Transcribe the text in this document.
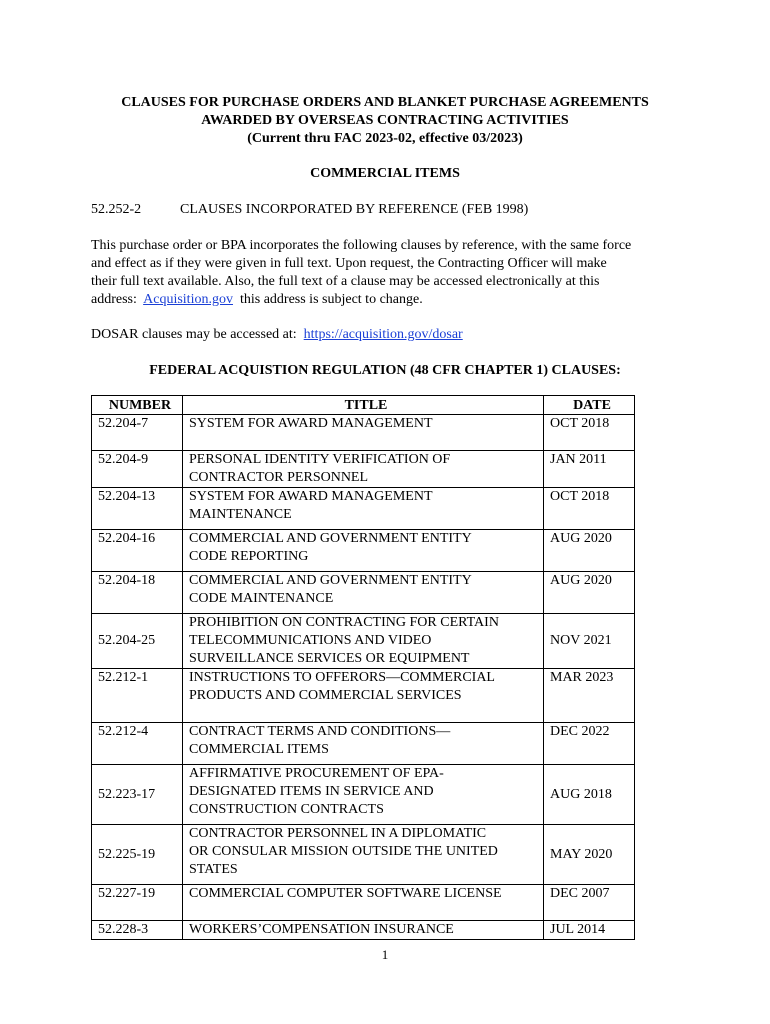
CLAUSES FOR PURCHASE ORDERS AND BLANKET PURCHASE AGREEMENTS
AWARDED BY OVERSEAS CONTRACTING ACTIVITIES
(Current thru FAC 2023-02, effective 03/2023)
COMMERCIAL ITEMS
52.252-2	CLAUSES INCORPORATED BY REFERENCE (FEB 1998)
This purchase order or BPA incorporates the following clauses by reference, with the same force
and effect as if they were given in full text. Upon request, the Contracting Officer will make
their full text available. Also, the full text of a clause may be accessed electronically at this
address: Acquisition.gov this address is subject to change.
DOSAR clauses may be accessed at: https://acquisition.gov/dosar
FEDERAL ACQUISTION REGULATION (48 CFR CHAPTER 1) CLAUSES:
NUMBER	TITLE	DATE
52.204-7	SYSTEM FOR AWARD MANAGEMENT	OCT 2018
52.204-9	PERSONAL IDENTITY VERIFICATION OF
CONTRACTOR PERSONNEL	JAN 2011
52.204-13	SYSTEM FOR AWARD MANAGEMENT
MAINTENANCE	OCT 2018
52.204-16	COMMERCIAL AND GOVERNMENT ENTITY
CODE REPORTING	AUG 2020
52.204-18	COMMERCIAL AND GOVERNMENT ENTITY
CODE MAINTENANCE	AUG 2020
52.204-25	PROHIBITION ON CONTRACTING FOR CERTAIN
TELECOMMUNICATIONS AND VIDEO
SURVEILLANCE SERVICES OR EQUIPMENT	NOV 2021
52.212-1	INSTRUCTIONS TO OFFERORS—COMMERCIAL
PRODUCTS AND COMMERCIAL SERVICES	MAR 2023
52.212-4	CONTRACT TERMS AND CONDITIONS—
COMMERCIAL ITEMS	DEC 2022
52.223-17	AFFIRMATIVE PROCUREMENT OF EPA-
DESIGNATED ITEMS IN SERVICE AND
CONSTRUCTION CONTRACTS	AUG 2018
52.225-19	CONTRACTOR PERSONNEL IN A DIPLOMATIC
OR CONSULAR MISSION OUTSIDE THE UNITED
STATES	MAY 2020
52.227-19	COMMERCIAL COMPUTER SOFTWARE LICENSE	DEC 2007
52.228-3	WORKERS’COMPENSATION INSURANCE	JUL 2014
1
